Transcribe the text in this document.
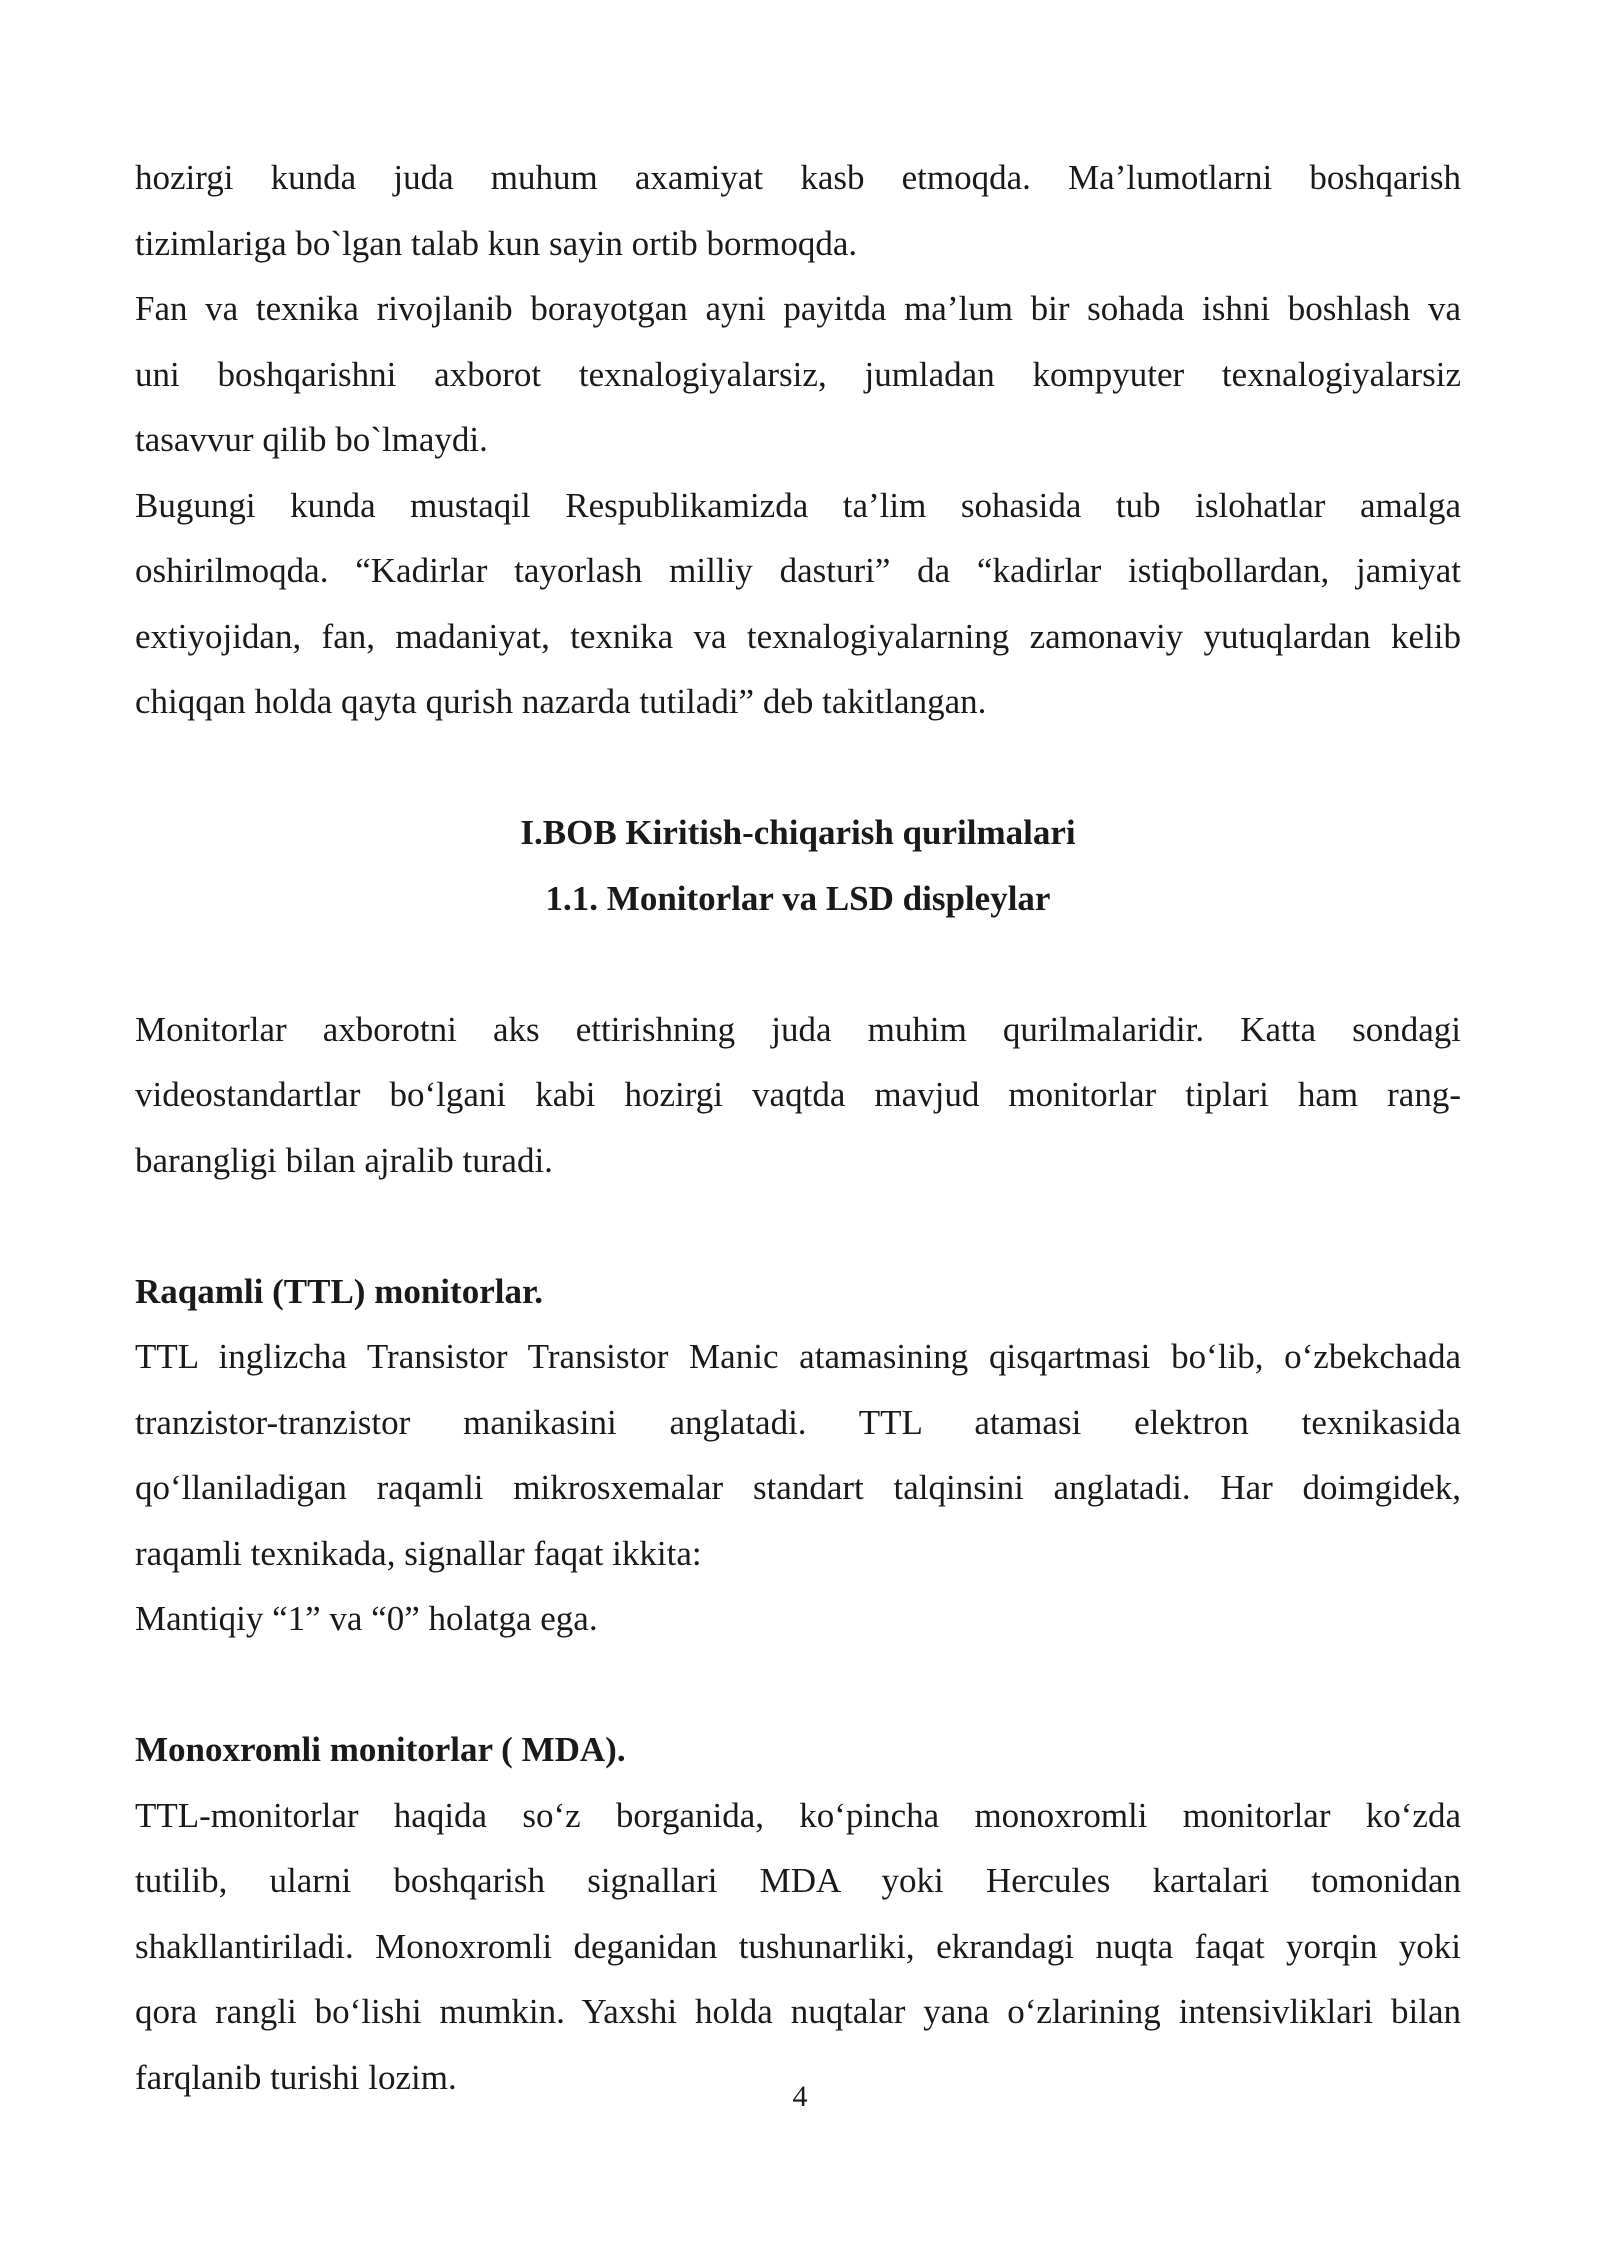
hozirgi kunda juda muhum axamiyat kasb etmoqda. Ma’lumotlarni boshqarish
tizimlariga bo`lgan talab kun sayin ortib bormoqda.
Fan va texnika rivojlanib borayotgan ayni payitda ma’lum bir sohada ishni boshlash va
uni boshqarishni axborot texnalogiyalarsiz, jumladan kompyuter texnalogiyalarsiz
tasavvur qilib bo`lmaydi.
Bugungi kunda mustaqil Respublikamizda ta’lim sohasida tub islohatlar amalga
oshirilmoqda. “Kadirlar tayorlash milliy dasturi” da “kadirlar istiqbollardan, jamiyat
extiyojidan, fan, madaniyat, texnika va texnalogiyalarning zamonaviy yutuqlardan kelib
chiqqan holda qayta qurish nazarda tutiladi” deb takitlangan.
I.BOB Kiritish-chiqarish qurilmalari
1.1. Monitorlar va LSD displeylar
Monitorlar axborotni aks ettirishning juda muhim qurilmalaridir. Katta sondagi
videostandartlar bo‘lgani kabi hozirgi vaqtda mavjud monitorlar tiplari ham rang-
barangligi bilan ajralib turadi.
Raqamli (TTL) monitorlar.
TTL inglizcha Transistor Transistor Manic atamasining qisqartmasi bo‘lib, o‘zbekchada
tranzistor-tranzistor manikasini anglatadi. TTL atamasi elektron texnikasida
qo‘llaniladigan raqamli mikrosxemalar standart talqinsini anglatadi. Har doimgidek,
raqamli texnikada, signallar faqat ikkita:
Mantiqiy “1” va “0” holatga ega.
Monoxromli monitorlar ( MDA).
TTL-monitorlar haqida so‘z borganida, ko‘pincha monoxromli monitorlar ko‘zda
tutilib, ularni boshqarish signallari MDA yoki Hercules kartalari tomonidan
shakllantiriladi. Monoxromli deganidan tushunarliki, ekrandagi nuqta faqat yorqin yoki
qora rangli bo‘lishi mumkin. Yaxshi holda nuqtalar yana o‘zlarining intensivliklari bilan
farqlanib turishi lozim.	4
